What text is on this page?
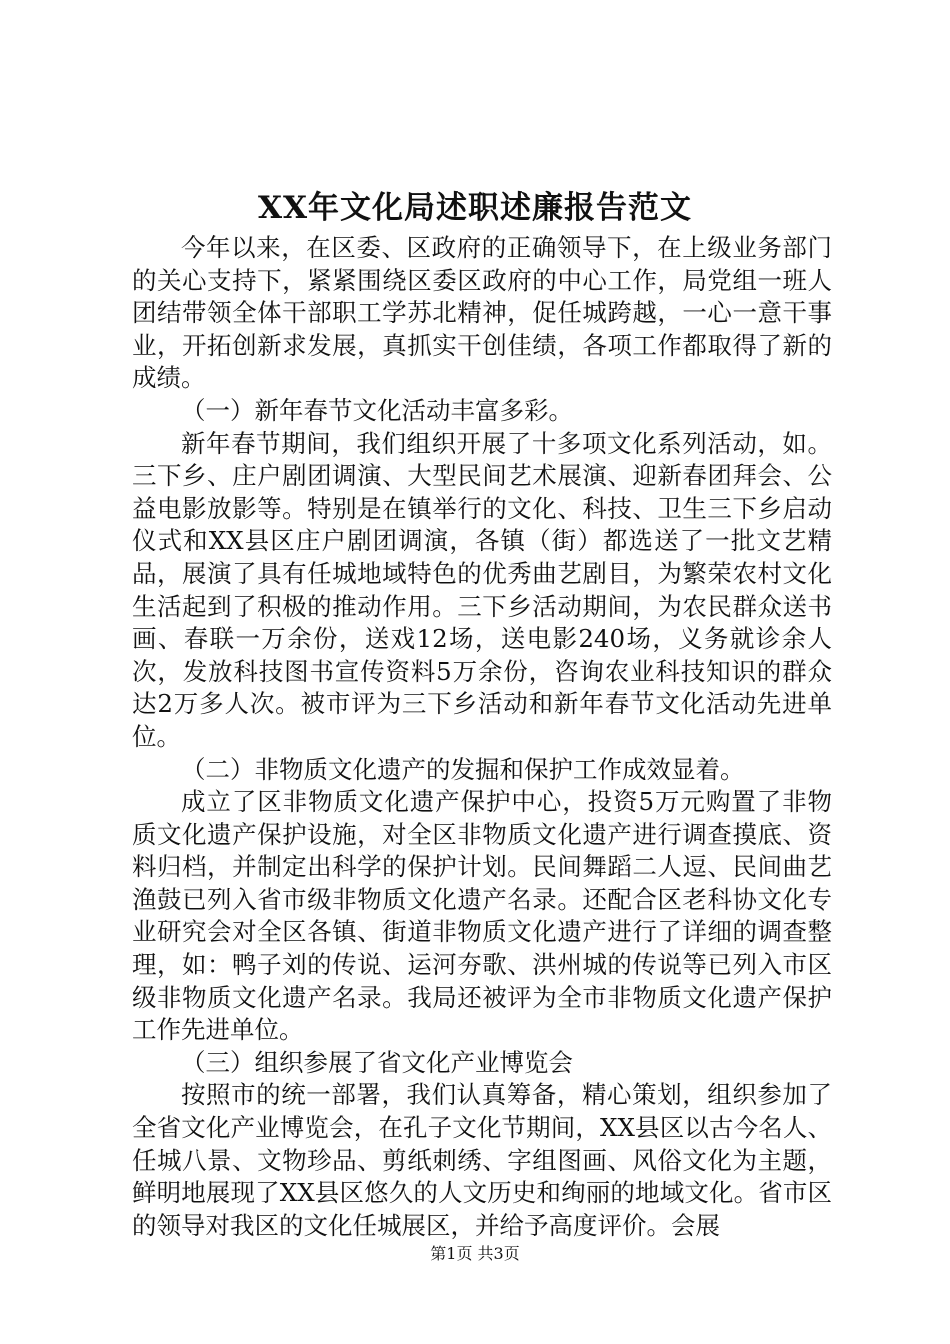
XX年文化局述职述廉报告范文

今年以来，在区委、区政府的正确领导下，在上级业务部门的关心支持下，紧紧围绕区委区政府的中心工作，局党组一班人团结带领全体干部职工学苏北精神，促任城跨越，一心一意干事业，开拓创新求发展，真抓实干创佳绩，各项工作都取得了新的成绩。

（一）新年春节文化活动丰富多彩。

新年春节期间，我们组织开展了十多项文化系列活动，如。三下乡、庄户剧团调演、大型民间艺术展演、迎新春团拜会、公益电影放影等。特别是在镇举行的文化、科技、卫生三下乡启动仪式和XX县区庄户剧团调演，各镇（街）都选送了一批文艺精品，展演了具有任城地域特色的优秀曲艺剧目，为繁荣农村文化生活起到了积极的推动作用。三下乡活动期间，为农民群众送书画、春联一万余份，送戏12场，送电影240场，义务就诊余人次，发放科技图书宣传资料5万余份，咨询农业科技知识的群众达2万多人次。被市评为三下乡活动和新年春节文化活动先进单位。

（二）非物质文化遗产的发掘和保护工作成效显着。

成立了区非物质文化遗产保护中心，投资5万元购置了非物质文化遗产保护设施，对全区非物质文化遗产进行调查摸底、资料归档，并制定出科学的保护计划。民间舞蹈二人逗、民间曲艺渔鼓已列入省市级非物质文化遗产名录。还配合区老科协文化专业研究会对全区各镇、街道非物质文化遗产进行了详细的调查整理，如：鸭子刘的传说、运河夯歌、洪州城的传说等已列入市区级非物质文化遗产名录。我局还被评为全市非物质文化遗产保护工作先进单位。

（三）组织参展了省文化产业博览会

按照市的统一部署，我们认真筹备，精心策划，组织参加了全省文化产业博览会，在孔子文化节期间，XX县区以古今名人、任城八景、文物珍品、剪纸刺绣、字组图画、风俗文化为主题，鲜明地展现了XX县区悠久的人文历史和绚丽的地域文化。省市区的领导对我区的文化任城展区，并给予高度评价。会展

第1页 共3页
